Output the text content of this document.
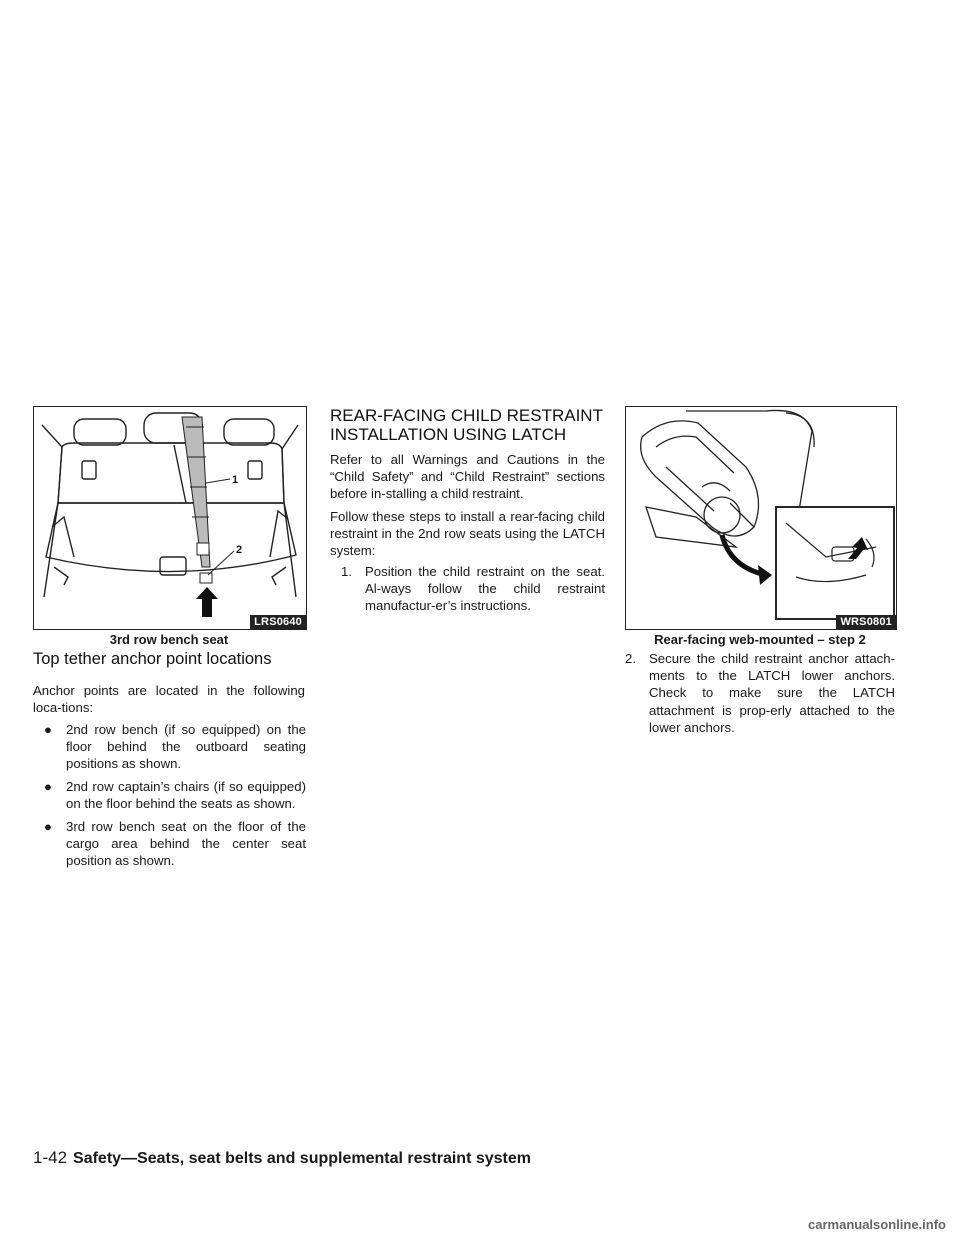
1
2
LRS0640
3rd row bench seat
Top tether anchor point locations

Anchor points are located in the following loca-tions:

● 2nd row bench (if so equipped) on the floor behind the outboard seating positions as shown.
● 2nd row captain’s chairs (if so equipped) on the floor behind the seats as shown.
● 3rd row bench seat on the floor of the cargo area behind the center seat position as shown.
REAR-FACING CHILD RESTRAINT
INSTALLATION USING LATCH

Refer to all Warnings and Cautions in the “Child Safety” and “Child Restraint” sections before in-stalling a child restraint.

Follow these steps to install a rear-facing child restraint in the 2nd row seats using the LATCH system:

1. Position the child restraint on the seat. Al-ways follow the child restraint manufactur-er’s instructions.
WRS0801
Rear-facing web-mounted – step 2
2. Secure the child restraint anchor attach-ments to the LATCH lower anchors. Check to make sure the LATCH attachment is prop-erly attached to the lower anchors.
1-42 Safety—Seats, seat belts and supplemental restraint system
carmanualsonline.info
